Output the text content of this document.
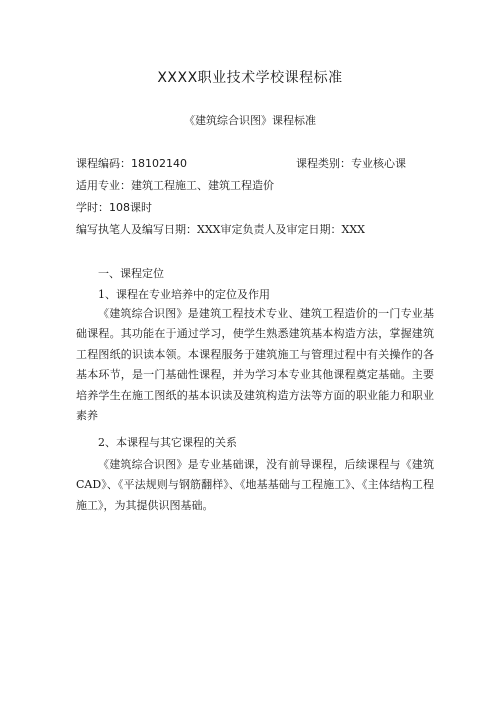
XXXX职业技术学校课程标准
《建筑综合识图》课程标准
课程编码：18102140	课程类别：专业核心课
适用专业：建筑工程施工、建筑工程造价
学时：108课时
编写执笔人及编写日期：XXX审定负责人及审定日期：XXX
一、课程定位
1、课程在专业培养中的定位及作用
《建筑综合识图》是建筑工程技术专业、建筑工程造价的一门专业基础课程。其功能在于通过学习，使学生熟悉建筑基本构造方法，掌握建筑工程图纸的识读本领。本课程服务于建筑施工与管理过程中有关操作的各基本环节，是一门基础性课程，并为学习本专业其他课程奠定基础。主要培养学生在施工图纸的基本识读及建筑构造方法等方面的职业能力和职业素养
2、本课程与其它课程的关系
《建筑综合识图》是专业基础课，没有前导课程，后续课程与《建筑CAD》、《平法规则与钢筋翻样》、《地基基础与工程施工》、《主体结构工程施工》，为其提供识图基础。
